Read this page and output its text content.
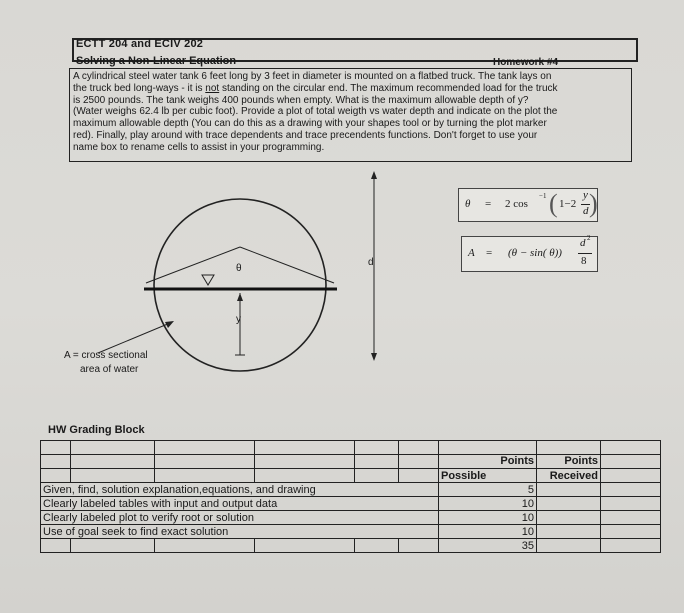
ECTT 204 and ECIV 202
Solving a Non-Linear Equation	Homework #4
A cylindrical steel water tank 6 feet long by 3 feet in diameter is mounted on a flatbed truck. The tank lays on
the truck bed long-ways - it is not standing on the circular end. The maximum recommended load for the truck
is 2500 pounds. The tank weighs 400 pounds when empty. What is the maximum allowable depth of y?
(Water weighs 62.4 lb per cubic foot). Provide a plot of total weigth vs water depth and indicate on the plot the
maximum allowable depth (You can do this as a drawing with your shapes tool or by turning the plot marker
red). Finally, play around with trace dependents and trace precendents functions. Don't forget to use your
name box to rename cells to assist in your programming.
θ
y
d
A = cross sectional
area of water
θ = 2 cos
−1 ( 1−2
y
d )
A = (θ − sin( θ))
d 2
8
HW Grading Block

						Points	Points	

						Possible	Received	
Given, find, solution explanation,equations, and drawing						5		
Clearly labeled tables with input and output data						10		
Clearly labeled plot to verify root or solution						10		
Use of goal seek to find exact solution						10		
						35		
